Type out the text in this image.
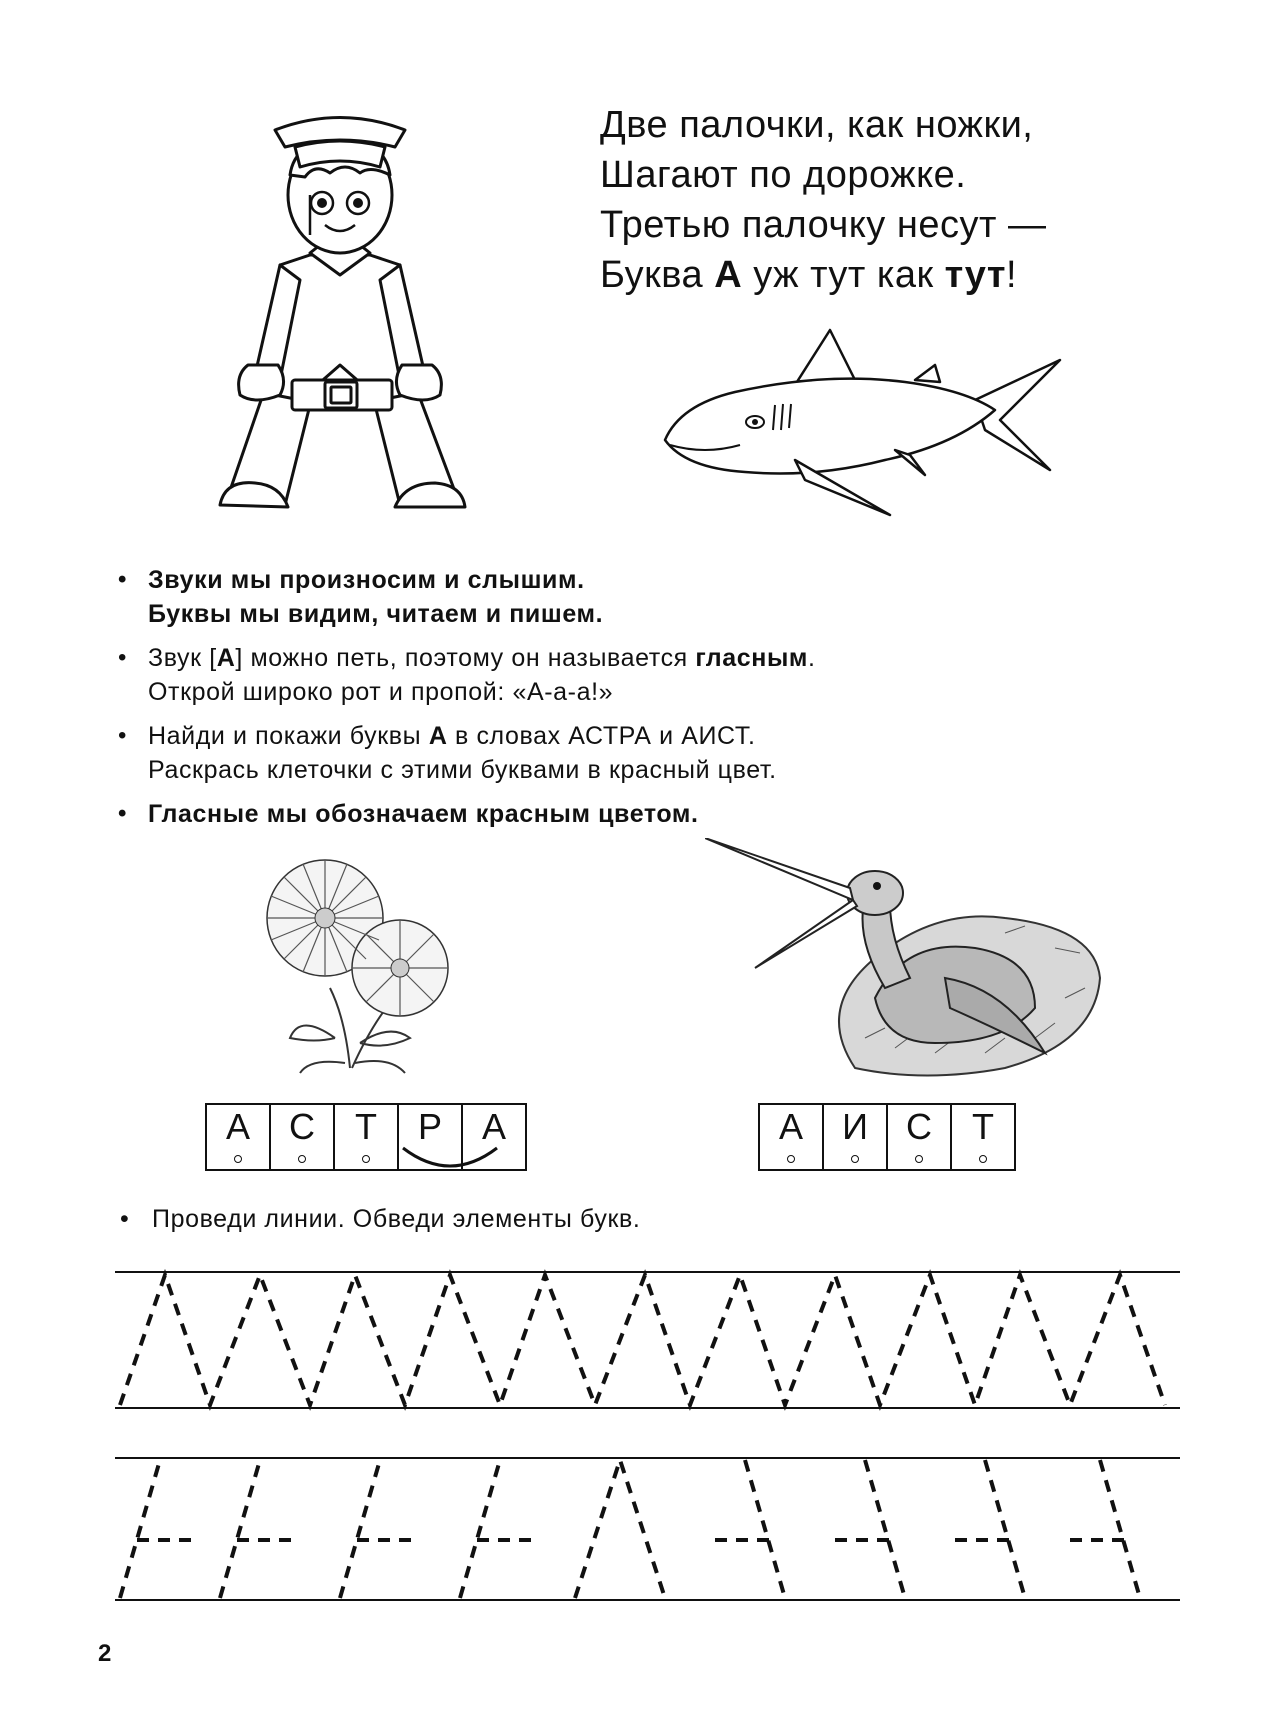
Две палочки, как ножки,
Шагают по дорожке.
Третью палочку несут —
Буква А уж тут как тут!
• Звуки мы произносим и слышим.
Буквы мы видим, читаем и пишем.
• Звук [А] можно петь, поэтому он называется гласным.
Открой широко рот и пропой: «А-а-а!»
• Найди и покажи буквы А в словах АСТРА и АИСТ.
Раскрась клеточки с этими буквами в красный цвет.
• Гласные мы обозначаем красным цветом.
А	С	Т	Р	А	А	И	С	Т
• Проведи линии. Обведи элементы букв.
2
